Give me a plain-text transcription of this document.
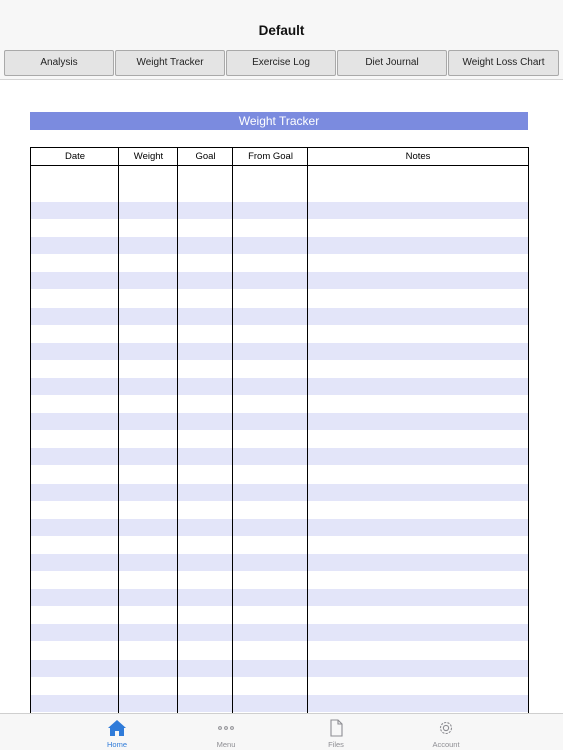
Default
Analysis	Weight Tracker	Exercise Log	Diet Journal	Weight Loss Chart
Weight Tracker
Date	Weight	Goal	From Goal	Notes
Home	Menu	Files	Account
